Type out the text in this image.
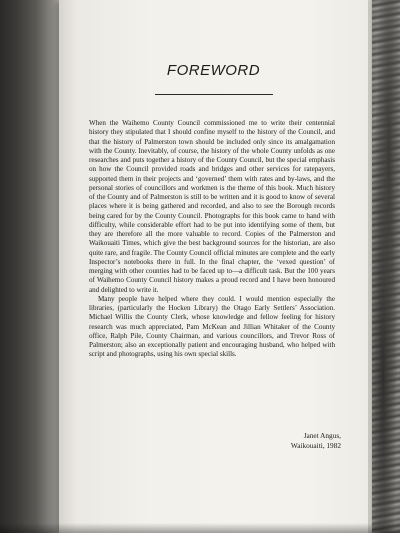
FOREWORD

When the Waihemo County Council commissioned me to write their centennial history they stipulated that I should confine myself to the history of the Council, and that the history of Palmerston town should be included only since its amalgamation with the County. Inevitably, of course, the history of the whole County unfolds as one researches and puts together a history of the County Council, but the special emphasis on how the Council provided roads and bridges and other services for ratepayers, supported them in their projects and ‘governed’ them with rates and by-laws, and the personal stories of councillors and workmen is the theme of this book. Much history of the County and of Palmerston is still to be written and it is good to know of several places where it is being gathered and recorded, and also to see the Borough records being cared for by the County Council. Photographs for this book came to hand with difficulty, while considerable effort had to be put into identifying some of them, but they are therefore all the more valuable to record. Copies of the Palmerston and Waikouaiti Times, which give the best background sources for the historian, are also quite rare, and fragile. The County Council official minutes are complete and the early Inspector’s notebooks there in full. In the final chapter, the ‘vexed question’ of merging with other counties had to be faced up to—a difficult task. But the 100 years of Waihemo County Council history makes a proud record and I have been honoured and delighted to write it.

Many people have helped where they could. I would mention especially the libraries, (particularly the Hocken Library) the Otago Early Settlers’ Association. Michael Willis the County Clerk, whose knowledge and fellow feeling for history research was much appreciated, Pam McKean and Jillian Whitaker of the County office, Ralph Pile, County Chairman, and various councillors, and Trevor Ross of Palmerston; also an exceptionally patient and encouraging husband, who helped with script and photographs, using his own special skills.

Janet Angus,
Waikouaiti, 1982
